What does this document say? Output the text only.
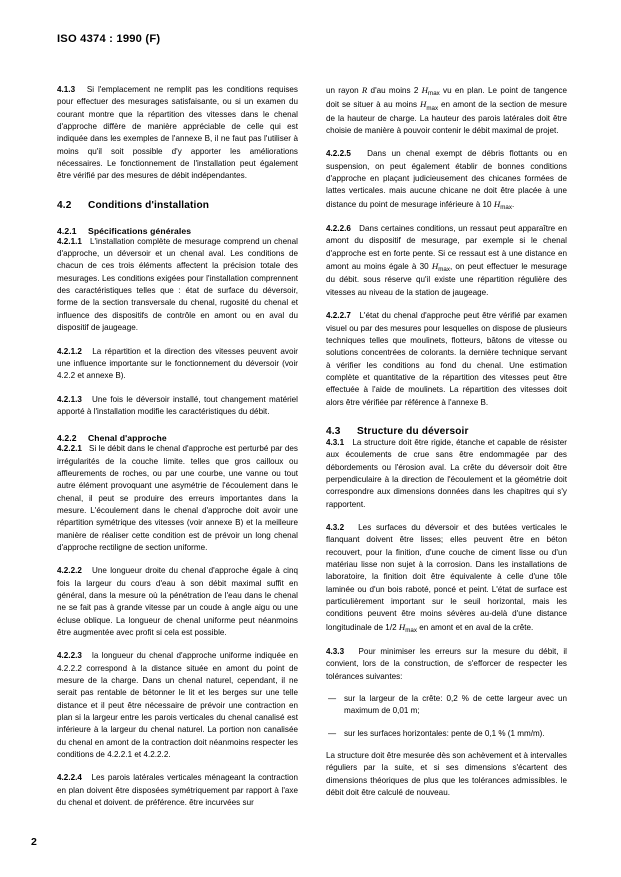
ISO 4374 : 1990 (F)

4.1.3 Si l'emplacement ne remplit pas les conditions requises pour effectuer des mesurages satisfaisante, ou si un examen du courant montre que la répartition des vitesses dans le chenal d'approche diffère de manière appréciable de celle qui est indiquée dans les exemples de l'annexe B, il ne faut pas l'utiliser à moins qu'il soit possible d'y apporter les améliorations nécessaires. Le fonctionnement de l'installation peut également être vérifié par des mesures de débit indépendantes.

4.2 Conditions d'installation
4.2.1 Spécifications générales

4.2.1.1 L'installation complète de mesurage comprend un chenal d'approche, un déversoir et un chenal aval. Les conditions de chacun de ces trois éléments affectent la précision totale des mesurages. Les conditions exigées pour l'installation comprennent des caractéristiques telles que : état de surface du déversoir, forme de la section transversale du chenal, rugosité du chenal et influence des dispositifs de contrôle en amont ou en aval du dispositif de jaugeage.

4.2.1.2 La répartition et la direction des vitesses peuvent avoir une influence importante sur le fonctionnement du déversoir (voir 4.2.2 et annexe B).

4.2.1.3 Une fois le déversoir installé, tout changement matériel apporté à l'installation modifie les caractéristiques du débit.

4.2.2 Chenal d'approche

4.2.2.1 Si le débit dans le chenal d'approche est perturbé par des irrégularités de la couche limite. telles que gros cailloux ou affleurements de roches, ou par une courbe, une vanne ou tout autre élément provoquant une asymétrie de l'écoulement dans le chenal, il peut se produire des erreurs importantes dans la mesure. L'écoulement dans le chenal d'approche doit avoir une répartition symétrique des vitesses (voir annexe B) et la meilleure manière de réaliser cette condition est de prévoir un long chenal d'approche rectiligne de section uniforme.

4.2.2.2 Une longueur droite du chenal d'approche égale à cinq fois la largeur du cours d'eau à son débit maximal suffit en général, dans la mesure où la pénétration de l'eau dans le chenal ne se fait pas à grande vitesse par un coude à angle aigu ou une écluse oblique. La longueur de chenal uniforme peut néanmoins être augmentée avec profit si cela est possible.

4.2.2.3 la longueur du chenal d'approche uniforme indiquée en 4.2.2.2 correspond à la distance située en amont du point de mesure de la charge. Dans un chenal naturel, cependant, il ne serait pas rentable de bétonner le lit et les berges sur une telle distance et il peut être nécessaire de prévoir une contraction en plan si la largeur entre les parois verticales du chenal canalisé est inférieure à la largeur du chenal naturel. La portion non canalisée du chenal en amont de la contraction doit néanmoins respecter les conditions de 4.2.2.1 et 4.2.2.2.

4.2.2.4 Les parois latérales verticales ménageant la contraction en plan doivent être disposées symétriquement par rapport à l'axe du chenal et doivent. de préférence. être incurvées sur

un rayon R d'au moins 2 $H_{max}$ vu en plan. Le point de tangence doit se situer à au moins $H_{max}$ en amont de la section de mesure de la hauteur de charge. La hauteur des parois latérales doit être choisie de manière à pouvoir contenir le débit maximal de projet.

4.2.2.5 Dans un chenal exempt de débris flottants ou en suspension, on peut également établir de bonnes conditions d'approche en plaçant judicieusement des chicanes formées de lattes verticales. mais aucune chicane ne doit être placée à une distance du point de mesurage inférieure à 10 $H_{max}$.

4.2.2.6 Dans certaines conditions, un ressaut peut apparaître en amont du dispositif de mesurage, par exemple si le chenal d'approche est en forte pente. Si ce ressaut est à une distance en amont au moins égale à 30 $H_{max}$, on peut effectuer le mesurage du débit. sous réserve qu'il existe une répartition régulière des vitesses au niveau de la station de jaugeage.

4.2.2.7 L'état du chenal d'approche peut être vérifié par examen visuel ou par des mesures pour lesquelles on dispose de plusieurs techniques telles que moulinets, flotteurs, bâtons de vitesse ou solutions concentrées de colorants. la dernière technique servant à vérifier les conditions au fond du chenal. Une estimation complète et quantitative de la répartition des vitesses peut être effectuée à l'aide de moulinets. La répartition des vitesses doit alors être vérifiée par référence à l'annexe B.

4.3 Structure du déversoir

4.3.1 La structure doit être rigide, étanche et capable de résister aux écoulements de crue sans être endommagée par des débordements ou l'érosion aval. La crête du déversoir doit être perpendiculaire à la direction de l'écoulement et la géométrie doit correspondre aux dimensions données dans les chapitres qui s'y rapportent.

4.3.2 Les surfaces du déversoir et des butées verticales le flanquant doivent être lisses; elles peuvent être en béton recouvert, pour la finition, d'une couche de ciment lisse ou d'un matériau lisse non sujet à la corrosion. Dans les installations de laboratoire, la finition doit être équivalente à celle d'une tôle laminée ou d'un bois raboté, poncé et peint. L'état de surface est particulièrement important sur le seuil horizontal, mais les conditions peuvent être moins sévères au-delà d'une distance longitudinale de 1/2 $H_{max}$ en amont et en aval de la crête.

4.3.3 Pour minimiser les erreurs sur la mesure du débit, il convient, lors de la construction, de s'efforcer de respecter les tolérances suivantes:

— sur la largeur de la crête: 0,2 % de cette largeur avec un maximum de 0,01 m;

— sur les surfaces horizontales: pente de 0,1 % (1 mm/m).

La structure doit être mesurée dès son achèvement et à intervalles réguliers par la suite, et si ses dimensions s'écartent des dimensions théoriques de plus que les tolérances admissibles. le débit doit être calculé de nouveau.

2
